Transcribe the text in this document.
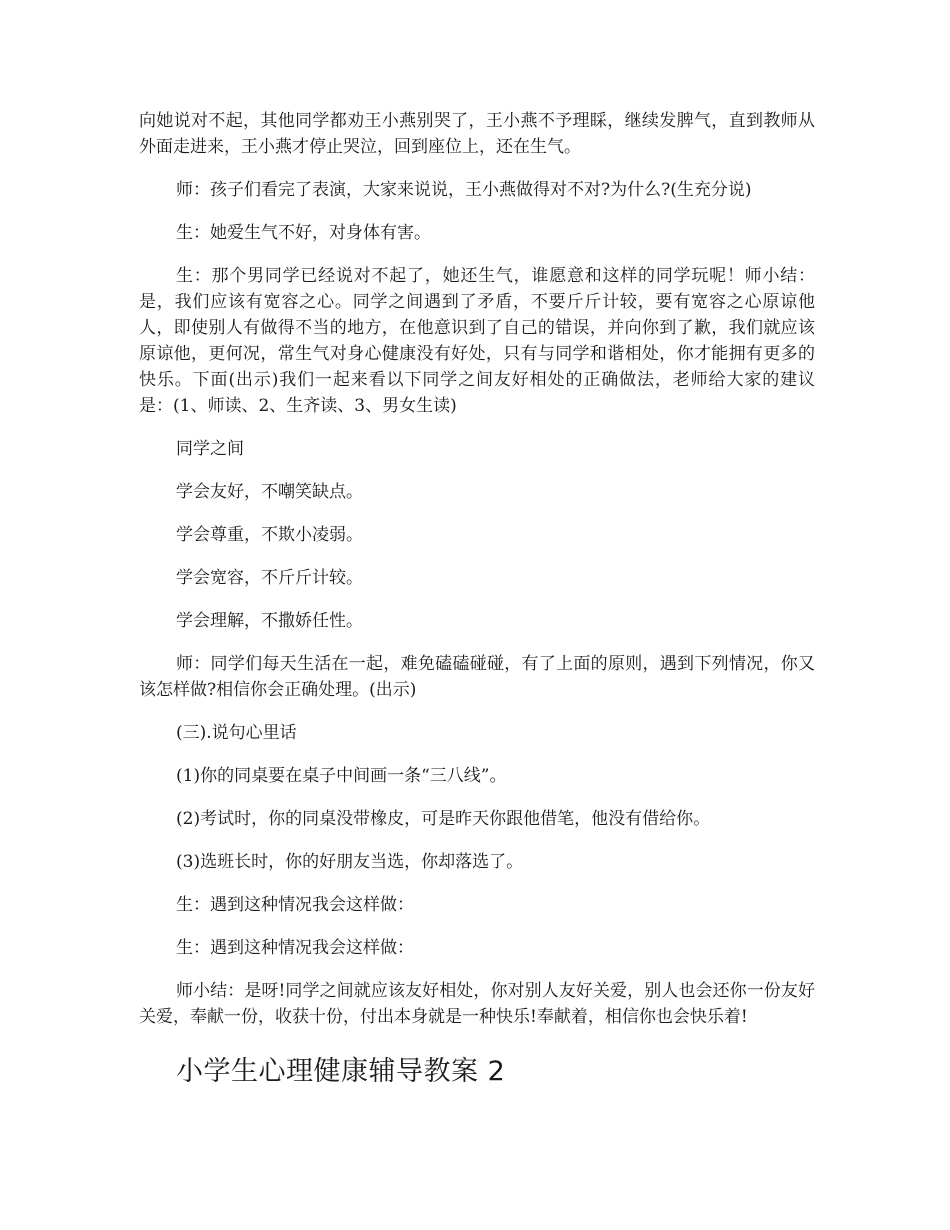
向她说对不起，其他同学都劝王小燕别哭了，王小燕不予理睬，继续发脾气，直到教师从外面走进来，王小燕才停止哭泣，回到座位上，还在生气。

师：孩子们看完了表演，大家来说说，王小燕做得对不对?为什么?(生充分说)

生：她爱生气不好，对身体有害。

生：那个男同学已经说对不起了，她还生气，谁愿意和这样的同学玩呢！师小结：是，我们应该有宽容之心。同学之间遇到了矛盾，不要斤斤计较，要有宽容之心原谅他人，即使别人有做得不当的地方，在他意识到了自己的错误，并向你到了歉，我们就应该原谅他，更何况，常生气对身心健康没有好处，只有与同学和谐相处，你才能拥有更多的快乐。下面(出示)我们一起来看以下同学之间友好相处的正确做法，老师给大家的建议是：(1、师读、2、生齐读、3、男女生读)

同学之间

学会友好，不嘲笑缺点。

学会尊重，不欺小凌弱。

学会宽容，不斤斤计较。

学会理解，不撒娇任性。

师：同学们每天生活在一起，难免磕磕碰碰，有了上面的原则，遇到下列情况，你又该怎样做?相信你会正确处理。(出示)

(三).说句心里话

(1)你的同桌要在桌子中间画一条“三八线”。

(2)考试时，你的同桌没带橡皮，可是昨天你跟他借笔，他没有借给你。

(3)选班长时，你的好朋友当选，你却落选了。

生：遇到这种情况我会这样做：

生：遇到这种情况我会这样做：

师小结：是呀!同学之间就应该友好相处，你对别人友好关爱，别人也会还你一份友好关爱，奉献一份，收获十份，付出本身就是一种快乐!奉献着，相信你也会快乐着!

小学生心理健康辅导教案 2
